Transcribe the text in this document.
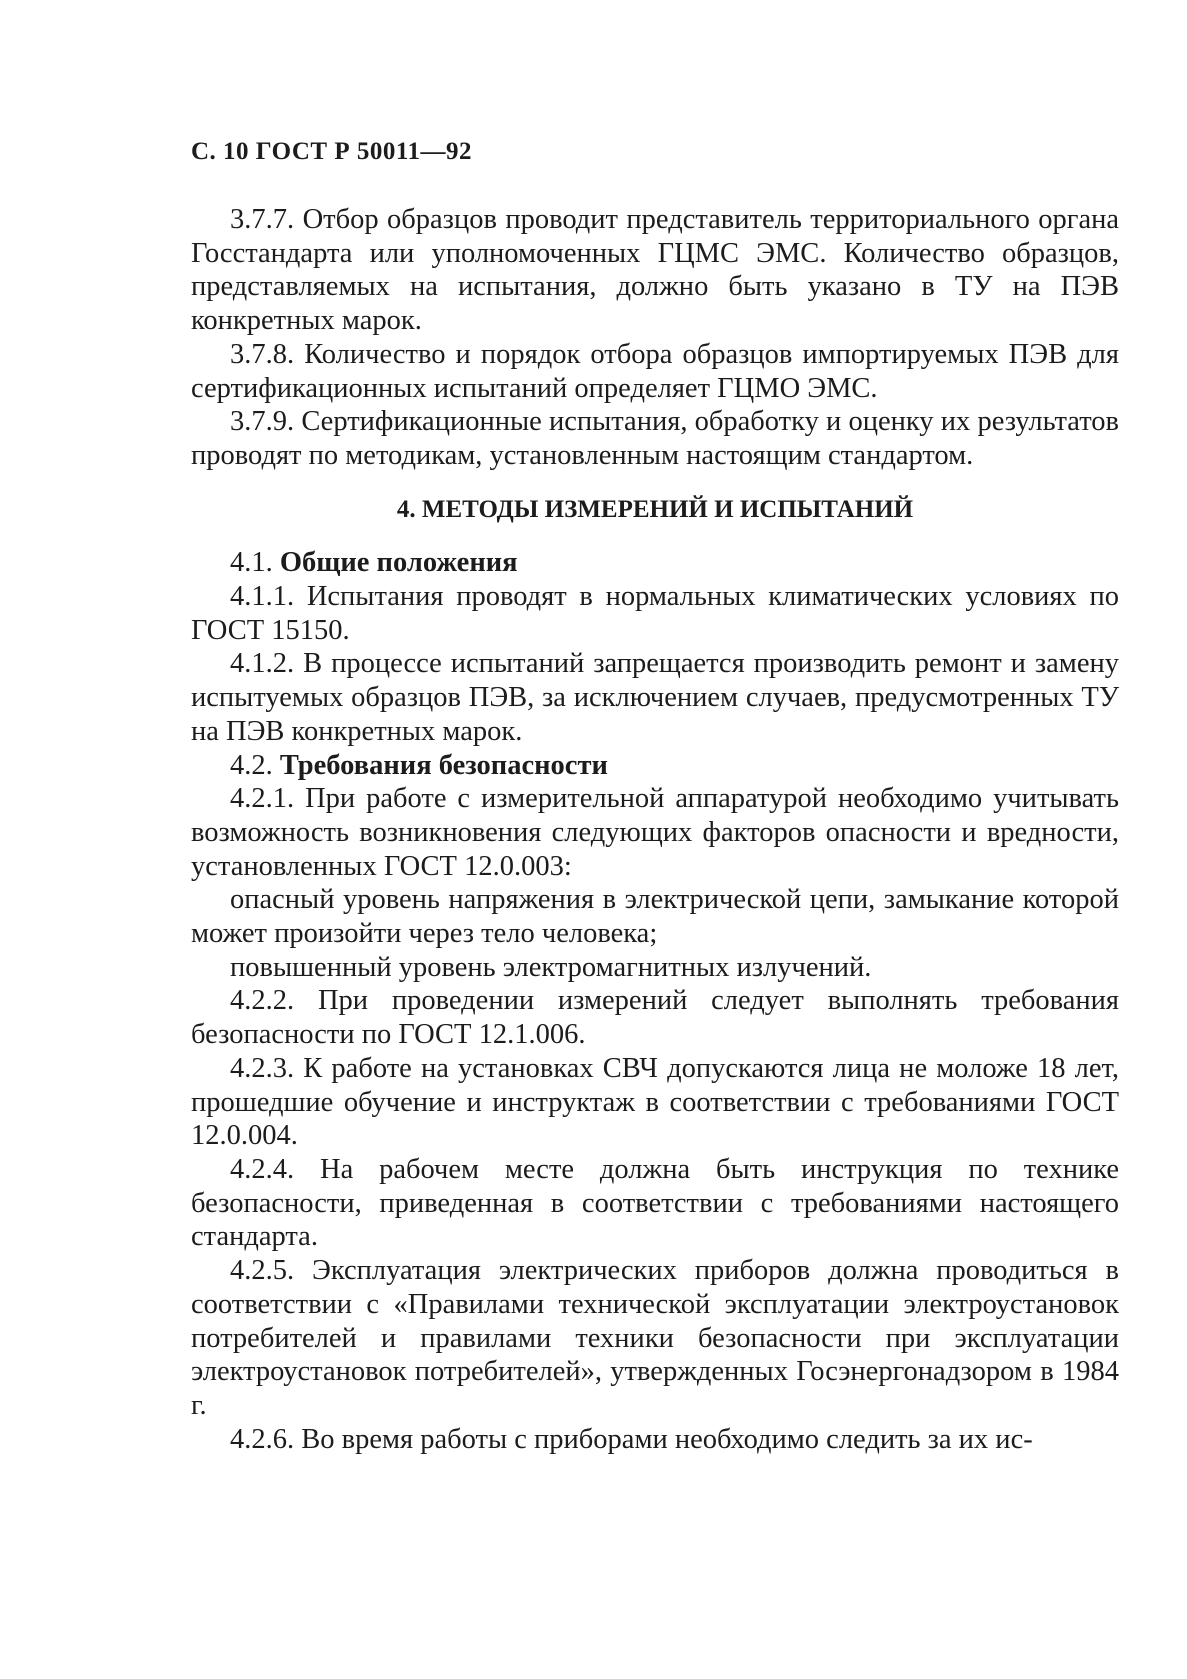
С. 10 ГОСТ Р 50011—92

3.7.7. Отбор образцов проводит представитель территориального органа Госстандарта или уполномоченных ГЦМС ЭМС. Количество образцов, представляемых на испытания, должно быть указано в ТУ на ПЭВ конкретных марок.

3.7.8. Количество и порядок отбора образцов импортируемых ПЭВ для сертификационных испытаний определяет ГЦМО ЭМС.

3.7.9. Сертификационные испытания, обработку и оценку их результатов проводят по методикам, установленным настоящим стандартом.

4. МЕТОДЫ ИЗМЕРЕНИЙ И ИСПЫТАНИЙ

4.1. Общие положения

4.1.1. Испытания проводят в нормальных климатических условиях по ГОСТ 15150.

4.1.2. В процессе испытаний запрещается производить ремонт и замену испытуемых образцов ПЭВ, за исключением случаев, предусмотренных ТУ на ПЭВ конкретных марок.

4.2. Требования безопасности

4.2.1. При работе с измерительной аппаратурой необходимо учитывать возможность возникновения следующих факторов опасности и вредности, установленных ГОСТ 12.0.003:

опасный уровень напряжения в электрической цепи, замыкание которой может произойти через тело человека;

повышенный уровень электромагнитных излучений.

4.2.2. При проведении измерений следует выполнять требования безопасности по ГОСТ 12.1.006.

4.2.3. К работе на установках СВЧ допускаются лица не моложе 18 лет, прошедшие обучение и инструктаж в соответствии с требованиями ГОСТ 12.0.004.

4.2.4. На рабочем месте должна быть инструкция по технике безопасности, приведенная в соответствии с требованиями настоящего стандарта.

4.2.5. Эксплуатация электрических приборов должна проводиться в соответствии с «Правилами технической эксплуатации электроустановок потребителей и правилами техники безопасности при эксплуатации электроустановок потребителей», утвержденных Госэнергонадзором в 1984 г.

4.2.6. Во время работы с приборами необходимо следить за их ис-
